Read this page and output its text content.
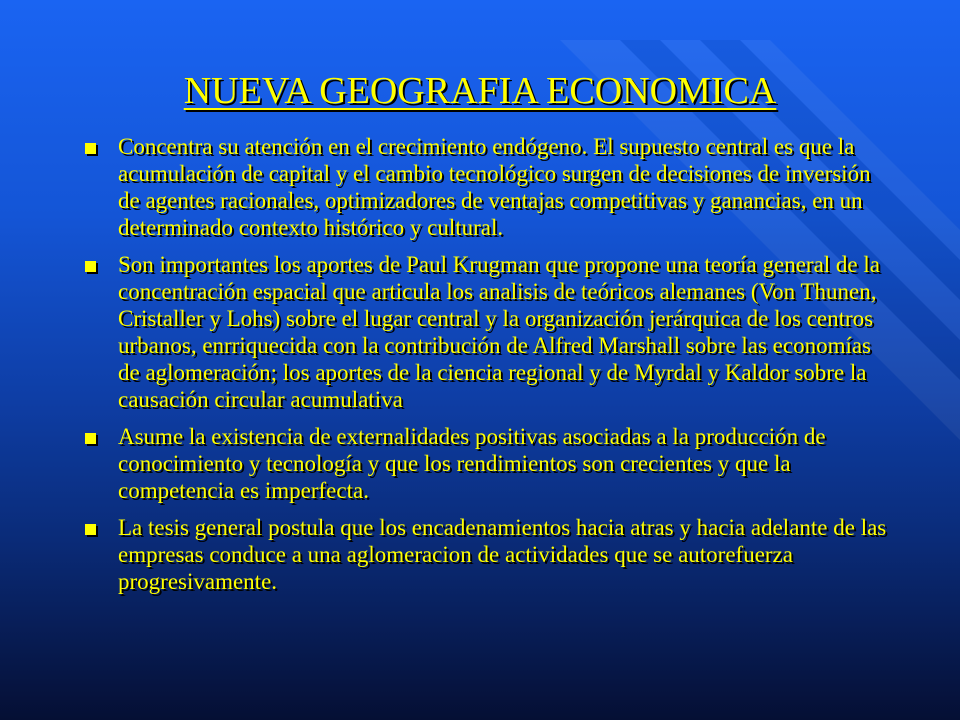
NUEVA GEOGRAFIA ECONOMICA
Concentra su atención en el crecimiento endógeno. El supuesto central es que la acumulación de capital y el cambio tecnológico surgen de decisiones de inversión de agentes racionales, optimizadores de ventajas competitivas y ganancias, en un determinado contexto histórico y cultural.
Son importantes los aportes de Paul Krugman que propone una teoría general de la concentración espacial que articula los analisis de teóricos alemanes (Von Thunen, Cristaller y Lohs) sobre el lugar central y la organización jerárquica de los centros urbanos, enrriquecida con la contribución de Alfred Marshall sobre las economías de aglomeración; los aportes de la ciencia regional y de Myrdal y Kaldor sobre la causación circular acumulativa
Asume la existencia de externalidades positivas asociadas a la producción de conocimiento y tecnología y que los rendimientos son crecientes y que la competencia es imperfecta.
La tesis general postula que los encadenamientos hacia atras y hacia adelante de las empresas conduce a una aglomeracion de actividades que se autorefuerza progresivamente.
